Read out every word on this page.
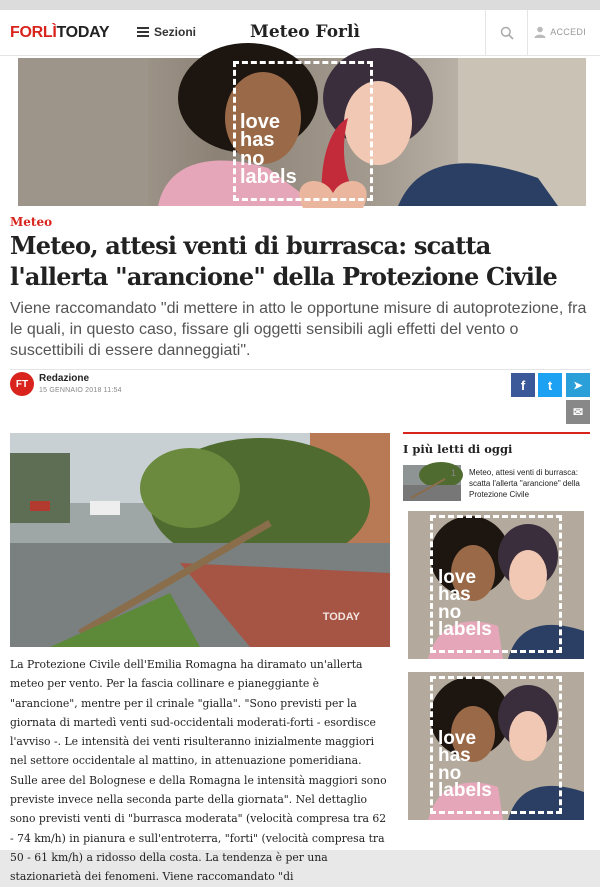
FORLÌTODAY	Sezioni	Meteo Forlì	ACCEDI
love
has
no
labels
Meteo
Meteo, attesi venti di burrasca: scatta l'allerta "arancione" della Protezione Civile

Viene raccomandato "di mettere in atto le opportune misure di autoprotezione, fra le quali, in questo caso, fissare gli oggetti sensibili agli effetti del vento o suscettibili di essere danneggiati".

FT	Redazione
15 GENNAIO 2018 11:54	f t ➤
✉
TODAY
La Protezione Civile dell'Emilia Romagna ha diramato un'allerta meteo per vento. Per la fascia collinare e pianeggiante è "arancione", mentre per il crinale "gialla". "Sono previsti per la giornata di martedì venti sud-occidentali moderati-forti - esordisce l'avviso -. Le intensità dei venti risulteranno inizialmente maggiori nel settore occidentale al mattino, in attenuazione pomeridiana. Sulle aree del Bolognese e della Romagna le intensità maggiori sono previste invece nella seconda parte della giornata". Nel dettaglio sono previsti venti di "burrasca moderata" (velocità compresa tra 62 - 74 km/h) in pianura e sull'entroterra, "forti" (velocità compresa tra 50 - 61 km/h) a ridosso della costa. La tendenza è per una stazionarietà dei fenomeni. Viene raccomandato "di
I più letti di oggi
1 Meteo, attesi venti di burrasca: scatta l'allerta "arancione" della Protezione Civile
love
has
no
labels
love
has
no
labels
